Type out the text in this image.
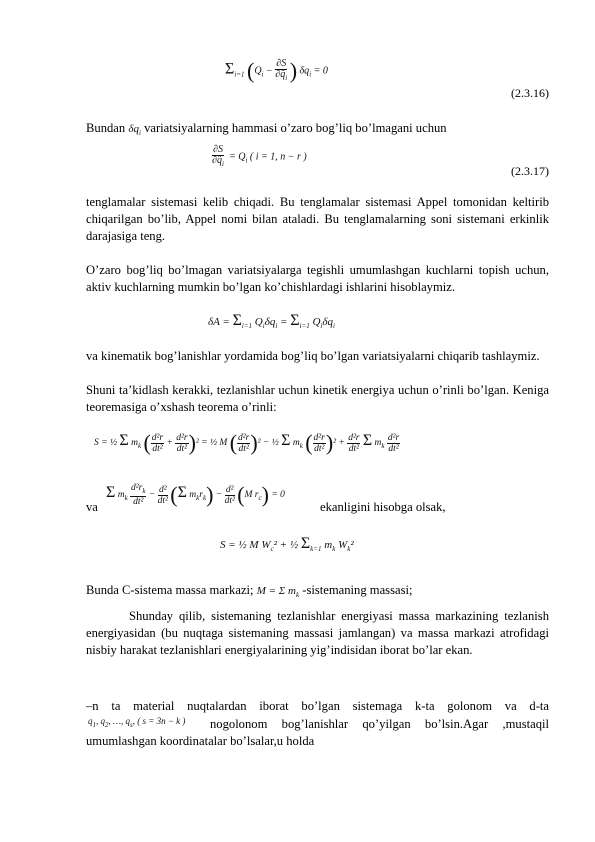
$\Sigma_{i=1}$ ($Q_i - \frac{\partial S}{\partial q̈_i}$ ) $\delta q_i = 0$
(2.3.16)

Bundan $\delta q_i$ variatsiyalarning hammasi o’zaro bog’liq bo’lmagani uchun

$\frac{\partial S}{\partial q̈_i} = Q_i$ ( i = 1, n − r )
(2.3.17)

tenglamalar sistemasi kelib chiqadi. Bu tenglamalar sistemasi Appel tomonidan keltirib chiqarilgan bo’lib, Appel nomi bilan ataladi. Bu tenglamalarning soni sistemani erkinlik darajasiga teng.

O’zaro bog’liq bo’lmagan variatsiyalarga tegishli umumlashgan kuchlarni topish uchun, aktiv kuchlarning mumkin bo’lgan ko’chishlardagi ishlarini hisoblaymiz.

$\delta A = \Sigma_{i=1}$ $Q_i\delta q_i = \Sigma_{i=1}$ $Q_i\delta q_i$

va kinematik bog’lanishlar yordamida bog’liq bo’lgan variatsiyalarni chiqarib tashlaymiz.

Shuni ta’kidlash kerakki, tezlanishlar uchun kinetik energiya uchun o’rinli bo’lgan. Keniga teoremasiga o’xshash teorema o’rinli:

S = ½ Σ $m_k$ ( $\frac{\text{d²r}}{\text{dt²}} + \frac{\text{d²r}}{\text{dt²}} )^2$ = ½ M ( $\frac{\text{d²r}}{\text{dt²}} )^2$ − ½ Σ $m_k$ ( $\frac{\text{d²r}}{\text{dt²}} )^2 + \frac{\text{d²r}}{\text{dt²}}$ Σ $m_k \frac{\text{d²r}}{\text{dt²}}$

va

Σ $m_k \frac{d^2r_k}{\text{dt²}} - \frac{\text{d²}}{\text{dt²}} (\Sigma$ $m_kr_k) - \frac{\text{d²}}{\text{dt²}} (M$ $r_c) = 0$

ekanligini hisobga olsak,

S = ½ M $W_c^2$ + ½ $\Sigma_{k=1}$ $m_k$ $W_k^2$

Bunda C-sistema massa markazi; M = Σ $m_k$ -sistemaning massasi;

Shunday qilib, sistemaning tezlanishlar energiyasi massa markazining tezlanish energiyasidan (bu nuqtaga sistemaning massasi jamlangan) va massa markazi atrofidagi nisbiy harakat tezlanishlari energiyalarining yig’indisidan iborat bo’lar ekan.

–n ta material nuqtalardan iborat bo’lgan sistemaga k-ta golonom va d-ta

$q_1$, $q_2$, …, $q_s$, ( s = 3n − k )	nogolonom bog’lanishlar qo’yilgan bo’lsin.Agar ,mustaqil umumlashgan koordinatalar bo’lsalar,u holda
